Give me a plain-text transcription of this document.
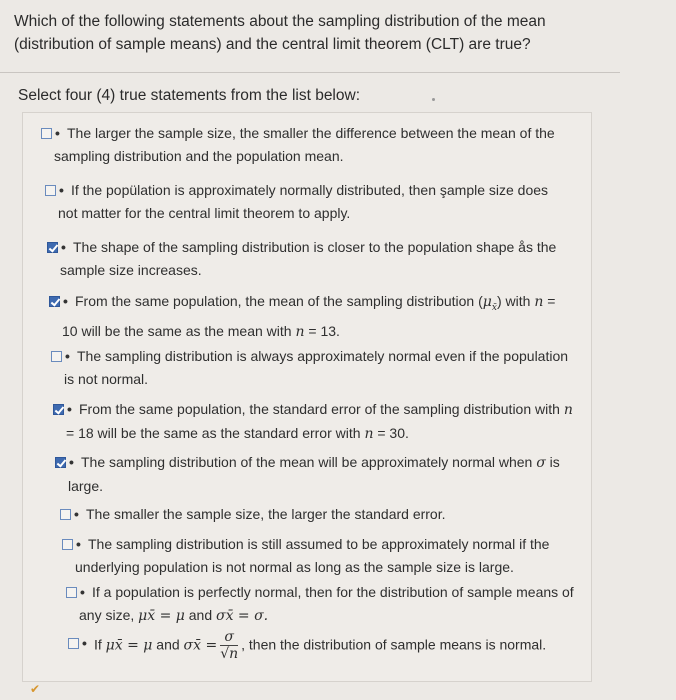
Which of the following statements about the sampling distribution of the mean
(distribution of sample means) and the central limit theorem (CLT) are true?
Select four (4) true statements from the list below:
• The larger the sample size, the smaller the difference between the mean of the
sampling distribution and the population mean.
• If the popülation is approximately normally distributed, then şample size does
not matter for the central limit theorem to apply.
• The shape of the sampling distribution is closer to the population shape ås the
sample size increases.
• From the same population, the mean of the sampling distribution $(\mu_{x̄})$ with n =
10 will be the same as the mean with n = 13.
• The sampling distribution is always approximately normal even if the population
is not normal.
• From the same population, the standard error of the sampling distribution with n
= 18 will be the same as the standard error with n = 30.
• The sampling distribution of the mean will be approximately normal when σ is
large.
• The smaller the sample size, the larger the standard error.
• The sampling distribution is still assumed to be approximately normal if the
underlying population is not normal as long as the sample size is large.
• If a population is perfectly normal, then for the distribution of sample means of
any size, μx̄ = μ and σx̄ = σ.
• If μx̄ = μ and σx̄ = $\frac{\sigma}{√n}$ , then the distribution of sample means is normal.
✔
